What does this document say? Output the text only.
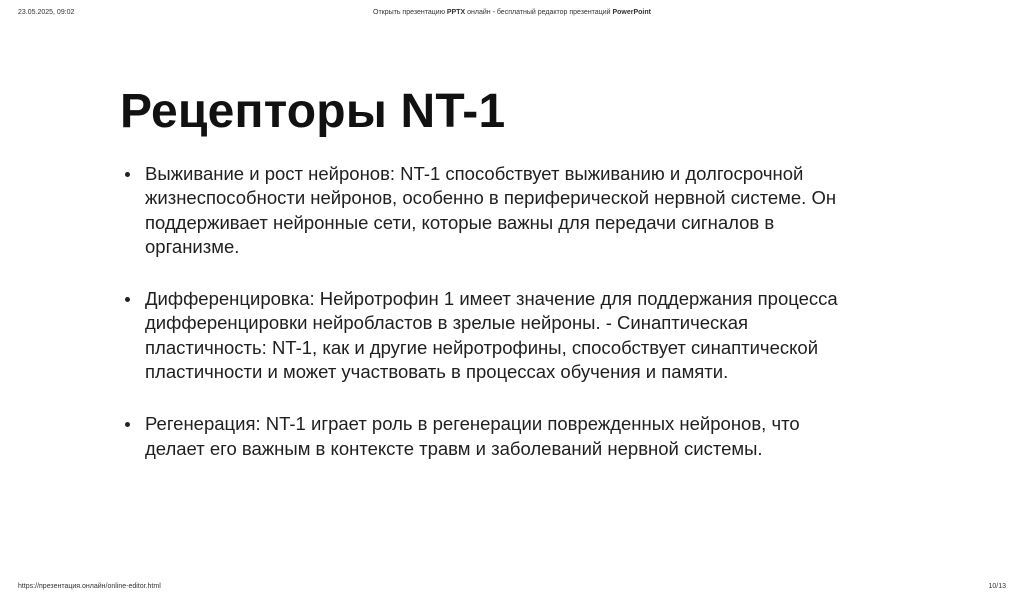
23.05.2025, 09:02	Открыть презентацию PPTX онлайн - бесплатный редактор презентаций PowerPoint
Рецепторы NT-1
Выживание и рост нейронов: NT-1 способствует выживанию и долгосрочной жизнеспособности нейронов, особенно в периферической нервной системе. Он поддерживает нейронные сети, которые важны для передачи сигналов в организме.
Дифференцировка: Нейротрофин 1 имеет значение для поддержания процесса дифференцировки нейробластов в зрелые нейроны. - Синаптическая пластичность: NT-1, как и другие нейротрофины, способствует синаптической пластичности и может участвовать в процессах обучения и памяти.
Регенерация: NT-1 играет роль в регенерации поврежденных нейронов, что делает его важным в контексте травм и заболеваний нервной системы.
https://презентация.онлайн/online-editor.html	10/13
